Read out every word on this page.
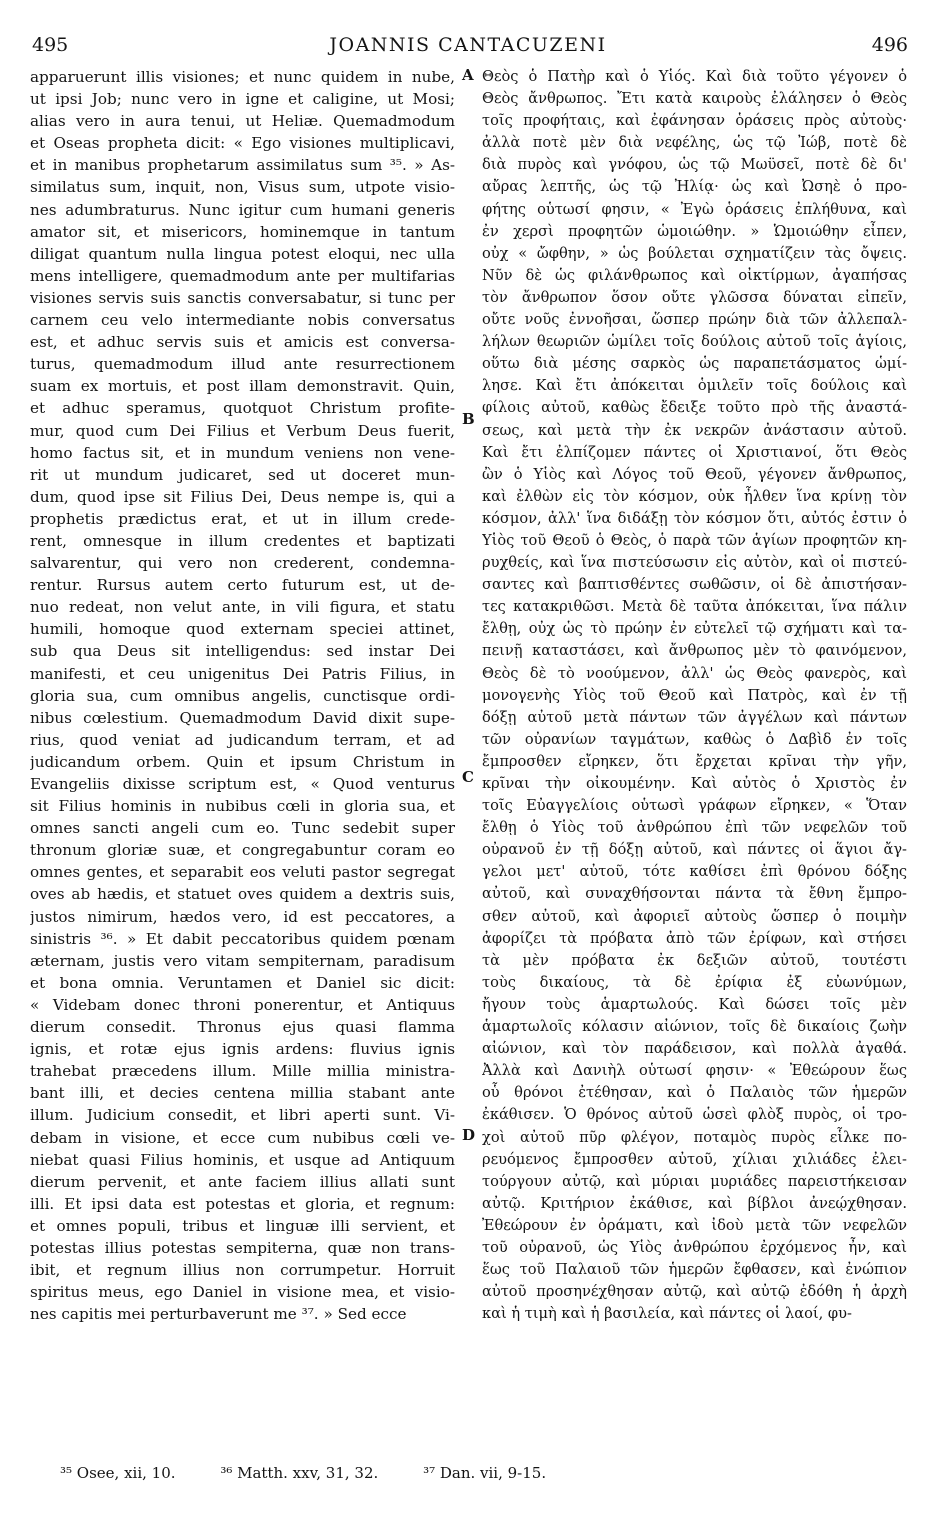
495	JOANNIS CANTACUZENI	496
apparuerunt illis visiones; et nunc quidem in nube,
ut ipsi Job; nunc vero in igne et caligine, ut Mosi;
alias vero in aura tenui, ut Heliæ. Quemadmodum
et Oseas propheta dicit: « Ego visiones multiplicavi,
et in manibus prophetarum assimilatus sum ³⁵. » As-
similatus sum, inquit, non, Visus sum, utpote visio-
nes adumbraturus. Nunc igitur cum humani generis
amator sit, et misericors, hominemque in tantum
diligat quantum nulla lingua potest eloqui, nec ulla
mens intelligere, quemadmodum ante per multifarias
visiones servis suis sanctis conversabatur, si tunc per
carnem ceu velo intermediante nobis conversatus
est, et adhuc servis suis et amicis est conversa-
turus, quemadmodum illud ante resurrectionem
suam ex mortuis, et post illam demonstravit. Quin,
et adhuc speramus, quotquot Christum profite-
mur, quod cum Dei Filius et Verbum Deus fuerit,
homo factus sit, et in mundum veniens non vene-
rit ut mundum judicaret, sed ut doceret mun-
dum, quod ipse sit Filius Dei, Deus nempe is, qui a
prophetis prædictus erat, et ut in illum crede-
rent, omnesque in illum credentes et baptizati
salvarentur, qui vero non crederent, condemna-
rentur. Rursus autem certo futurum est, ut de-
nuo redeat, non velut ante, in vili figura, et statu
humili, homoque quod externam speciei attinet,
sub qua Deus sit intelligendus: sed instar Dei
manifesti, et ceu unigenitus Dei Patris Filius, in
gloria sua, cum omnibus angelis, cunctisque ordi-
nibus cœlestium. Quemadmodum David dixit supe-
rius, quod veniat ad judicandum terram, et ad
judicandum orbem. Quin et ipsum Christum in
Evangeliis dixisse scriptum est, « Quod venturus
sit Filius hominis in nubibus cœli in gloria sua, et
omnes sancti angeli cum eo. Tunc sedebit super
thronum gloriæ suæ, et congregabuntur coram eo
omnes gentes, et separabit eos veluti pastor segregat
oves ab hædis, et statuet oves quidem a dextris suis,
justos nimirum, hædos vero, id est peccatores, a
sinistris ³⁶. » Et dabit peccatoribus quidem pœnam
æternam, justis vero vitam sempiternam, paradisum
et bona omnia. Veruntamen et Daniel sic dicit:
« Videbam donec throni ponerentur, et Antiquus
dierum consedit. Thronus ejus quasi flamma
ignis, et rotæ ejus ignis ardens: fluvius ignis
trahebat præcedens illum. Mille millia ministra-
bant illi, et decies centena millia stabant ante
illum. Judicium consedit, et libri aperti sunt. Vi-
debam in visione, et ecce cum nubibus cœli ve-
niebat quasi Filius hominis, et usque ad Antiquum
dierum pervenit, et ante faciem illius allati sunt
illi. Et ipsi data est potestas et gloria, et regnum:
et omnes populi, tribus et linguæ illi servient, et
potestas illius potestas sempiterna, quæ non trans-
ibit, et regnum illius non corrumpetur. Horruit
spiritus meus, ego Daniel in visione mea, et visio-
nes capitis mei perturbaverunt me ³⁷. » Sed ecce
Θεὸς ὁ Πατὴρ καὶ ὁ Υἱός. Καὶ διὰ τοῦτο γέγονεν ὁ
Θεὸς ἄνθρωπος. Ἔτι κατὰ καιροὺς ἐλάλησεν ὁ Θεὸς
τοῖς προφήταις, καὶ ἐφάνησαν ὁράσεις πρὸς αὐτοὺς·
ἀλλὰ ποτὲ μὲν διὰ νεφέλης, ὡς τῷ Ἰώβ, ποτὲ δὲ
διὰ πυρὸς καὶ γνόφου, ὡς τῷ Μωϋσεῖ, ποτὲ δὲ δι'
αὔρας λεπτῆς, ὡς τῷ Ἠλίᾳ· ὡς καὶ Ὠσηὲ ὁ προ-
φήτης οὑτωσί φησιν, « Ἐγὼ ὁράσεις ἐπλήθυνα, καὶ
ἐν χερσὶ προφητῶν ὡμοιώθην. » Ὡμοιώθην εἶπεν,
οὐχ « ὤφθην, » ὡς βούλεται σχηματίζειν τὰς ὄψεις.
Νῦν δὲ ὡς φιλάνθρωπος καὶ οἰκτίρμων, ἀγαπήσας
τὸν ἄνθρωπον ὅσον οὔτε γλῶσσα δύναται εἰπεῖν,
οὔτε νοῦς ἐννοῆσαι, ὥσπερ πρώην διὰ τῶν ἀλλεπαλ-
λήλων θεωριῶν ὡμίλει τοῖς δούλοις αὐτοῦ τοῖς ἁγίοις,
οὕτω διὰ μέσης σαρκὸς ὡς παραπετάσματος ὡμί-
λησε. Καὶ ἔτι ἀπόκειται ὁμιλεῖν τοῖς δούλοις καὶ
φίλοις αὐτοῦ, καθὼς ἔδειξε τοῦτο πρὸ τῆς ἀναστά-
σεως, καὶ μετὰ τὴν ἐκ νεκρῶν ἀνάστασιν αὐτοῦ.
Καὶ ἔτι ἐλπίζομεν πάντες οἱ Χριστιανοί, ὅτι Θεὸς
ὢν ὁ Υἱὸς καὶ Λόγος τοῦ Θεοῦ, γέγονεν ἄνθρωπος,
καὶ ἐλθὼν εἰς τὸν κόσμον, οὐκ ἦλθεν ἵνα κρίνῃ τὸν
κόσμον, ἀλλ' ἵνα διδάξῃ τὸν κόσμον ὅτι, αὐτός ἐστιν ὁ
Υἱὸς τοῦ Θεοῦ ὁ Θεὸς, ὁ παρὰ τῶν ἁγίων προφητῶν κη-
ρυχθείς, καὶ ἵνα πιστεύσωσιν εἰς αὐτὸν, καὶ οἱ πιστεύ-
σαντες καὶ βαπτισθέντες σωθῶσιν, οἱ δὲ ἀπιστήσαν-
τες κατακριθῶσι. Μετὰ δὲ ταῦτα ἀπόκειται, ἵνα πάλιν
ἔλθῃ, οὐχ ὡς τὸ πρώην ἐν εὐτελεῖ τῷ σχήματι καὶ τα-
πεινῇ καταστάσει, καὶ ἄνθρωπος μὲν τὸ φαινόμενον,
Θεὸς δὲ τὸ νοούμενον, ἀλλ' ὡς Θεὸς φανερὸς, καὶ
μονογενὴς Υἱὸς τοῦ Θεοῦ καὶ Πατρὸς, καὶ ἐν τῇ
δόξῃ αὐτοῦ μετὰ πάντων τῶν ἀγγέλων καὶ πάντων
τῶν οὐρανίων ταγμάτων, καθὼς ὁ Δαβὶδ ἐν τοῖς
ἔμπροσθεν εἴρηκεν, ὅτι ἔρχεται κρῖναι τὴν γῆν,
κρῖναι τὴν οἰκουμένην. Καὶ αὐτὸς ὁ Χριστὸς ἐν
τοῖς Εὐαγγελίοις οὑτωσὶ γράφων εἴρηκεν, « Ὅταν
ἔλθῃ ὁ Υἱὸς τοῦ ἀνθρώπου ἐπὶ τῶν νεφελῶν τοῦ
οὐρανοῦ ἐν τῇ δόξῃ αὐτοῦ, καὶ πάντες οἱ ἅγιοι ἄγ-
γελοι μετ' αὐτοῦ, τότε καθίσει ἐπὶ θρόνου δόξης
αὐτοῦ, καὶ συναχθήσονται πάντα τὰ ἔθνη ἔμπρο-
σθεν αὐτοῦ, καὶ ἀφοριεῖ αὐτοὺς ὥσπερ ὁ ποιμὴν
ἀφορίζει τὰ πρόβατα ἀπὸ τῶν ἐρίφων, καὶ στήσει
τὰ μὲν πρόβατα ἐκ δεξιῶν αὐτοῦ, τουτέστι
τοὺς δικαίους, τὰ δὲ ἐρίφια ἐξ εὐωνύμων,
ἤγουν τοὺς ἁμαρτωλούς. Καὶ δώσει τοῖς μὲν
ἁμαρτωλοῖς κόλασιν αἰώνιον, τοῖς δὲ δικαίοις ζωὴν
αἰώνιον, καὶ τὸν παράδεισον, καὶ πολλὰ ἀγαθά.
Ἀλλὰ καὶ Δανιὴλ οὑτωσί φησιν· « Ἐθεώρουν ἕως
οὗ θρόνοι ἐτέθησαν, καὶ ὁ Παλαιὸς τῶν ἡμερῶν
ἐκάθισεν. Ὁ θρόνος αὐτοῦ ὡσεὶ φλὸξ πυρὸς, οἱ τρο-
χοὶ αὐτοῦ πῦρ φλέγον, ποταμὸς πυρὸς εἷλκε πο-
ρευόμενος ἔμπροσθεν αὐτοῦ, χίλιαι χιλιάδες ἐλει-
τούργουν αὐτῷ, καὶ μύριαι μυριάδες παρειστήκεισαν
αὐτῷ. Κριτήριον ἐκάθισε, καὶ βίβλοι ἀνεῴχθησαν.
Ἐθεώρουν ἐν ὁράματι, καὶ ἰδοὺ μετὰ τῶν νεφελῶν
τοῦ οὐρανοῦ, ὡς Υἱὸς ἀνθρώπου ἐρχόμενος ἦν, καὶ
ἕως τοῦ Παλαιοῦ τῶν ἡμερῶν ἔφθασεν, καὶ ἐνώπιον
αὐτοῦ προσηνέχθησαν αὐτῷ, καὶ αὐτῷ ἐδόθη ἡ ἀρχὴ
καὶ ἡ τιμὴ καὶ ἡ βασιλεία, καὶ πάντες οἱ λαοί, φυ-
A
B
C
D
³⁵ Osee, xii, 10.	³⁶ Matth. xxv, 31, 32.	³⁷ Dan. vii, 9-15.
